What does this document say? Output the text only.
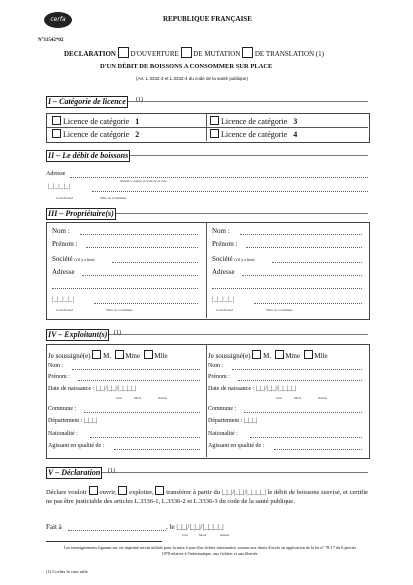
cerfa	REPUBLIQUE FRANÇAISE
N°11542*02
DECLARATION D'OUVERTURE DE MUTATION DE TRANSLATION (1)
D'UN DÉBIT DE BOISSONS A CONSOMMER SUR PLACE
(Art. L.3332-3 et L.3332-4 du code de la santé publique)
I – Catégorie de licence	(1)
Licence de catégorie 1
Licence de catégorie 2
Licence de catégorie 3
Licence de catégorie 4
II – Le débit de boissons
Adresse
Numéro, nature et nom de la voie
|_|_|_|_|
Code Postal	Ville ou Commune
III – Propriétaire(s)
Nom :
Prénom :
Société (s'il y a lieu) :
Adresse
|_|_|_|_|
Code Postal	Ville ou Commune
Nom :
Prénom :
Société (s'il y a lieu) :
Adresse
|_|_|_|_|
Code Postal	Ville ou Commune
IV – Exploitant(s)	(1)
Je soussigné(e) M. Mme Mlle
Nom :
Prénom :
Date de naissance : |_|_|/|_|_|/|_|_|_|_|
Jour	Mois	Année
Commune :
Département : |_|_|_|
Nationalité :
Agissant en qualité de :
Je soussigné(e) M. Mme Mlle
Nom :
Prénom :
Date de naissance : |_|_|/|_|_|/|_|_|_|_|
Jour	Mois	Année
Commune :
Département : |_|_|_|
Nationalité :
Agissant en qualité de :
V – Déclaration	(1)
Déclare vouloir ouvrir, exploiter, transférer à partir du |_|_|/|_|_|/|_|_|_|_| le débit de boissons susvisé, et certifie ne pas être justiciable des articles L.3336-1, L.3336-2 et L.3336-3 du code de la santé publique.
Fait à	, le |_|_|/|_|_|/|_|_|_|_|
Jour	Mois	Année
Les renseignements figurant sur cet imprimé seront utilisés pour la mise à jour d'un fichier informatisé, soumis aux droits d'accès en application de la loi n° 78-17 du 6 janvier 1978 relative à l'informatique, aux fichiers et aux libertés.
(1) Cocher la case utile
